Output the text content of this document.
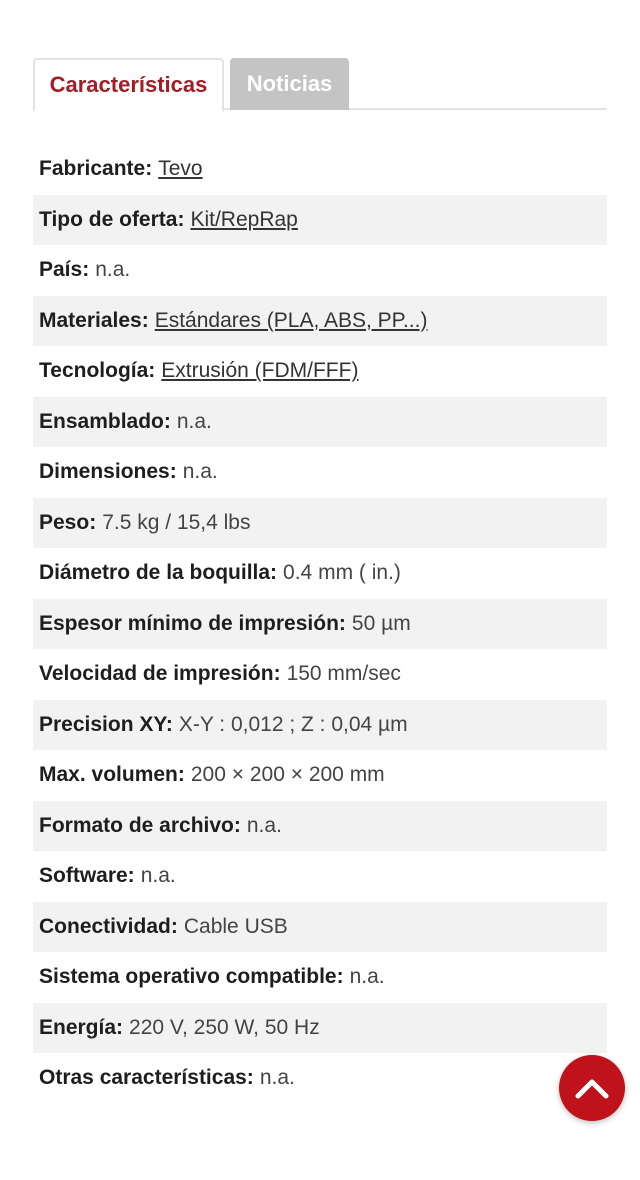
Características Noticias
Fabricante: Tevo
Tipo de oferta: Kit/RepRap
País: n.a.
Materiales: Estándares (PLA, ABS, PP...)
Tecnología: Extrusión (FDM/FFF)
Ensamblado: n.a.
Dimensiones: n.a.
Peso: 7.5 kg / 15,4 lbs
Diámetro de la boquilla: 0.4 mm ( in.)
Espesor mínimo de impresión: 50 µm
Velocidad de impresión: 150 mm/sec
Precision XY: X-Y : 0,012 ; Z : 0,04 µm
Max. volumen: 200 × 200 × 200 mm
Formato de archivo: n.a.
Software: n.a.
Conectividad: Cable USB
Sistema operativo compatible: n.a.
Energía: 220 V, 250 W, 50 Hz
Otras características: n.a.
